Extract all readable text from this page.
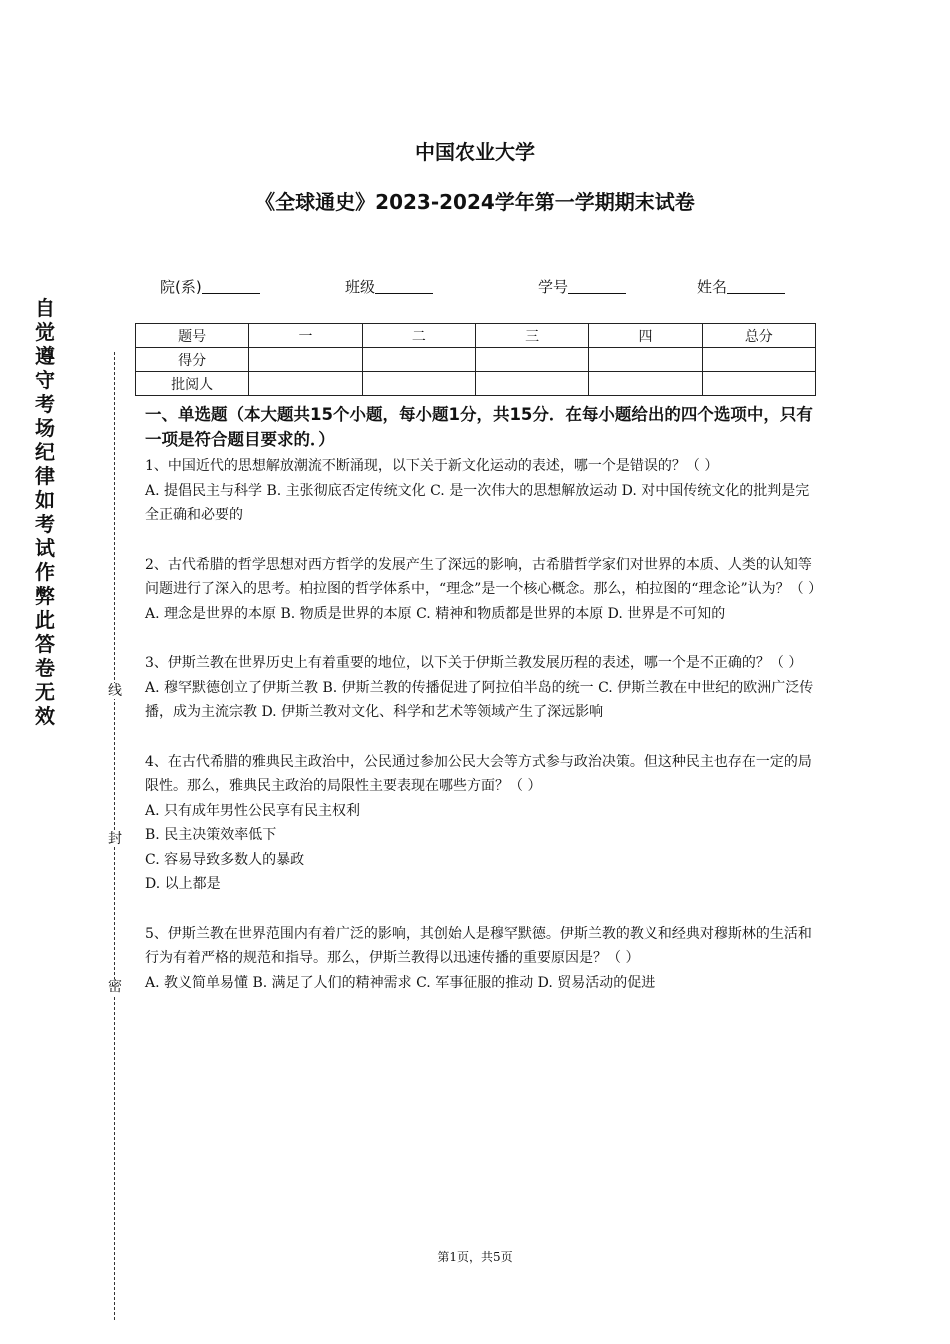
中国农业大学
《全球通史》2023-2024学年第一学期期末试卷
院(系)	班级	学号	姓名
题号	一	二	三	四	总分
得分					
批阅人					
自觉遵守考场纪律如考试作弊此答卷无效
线
封
密
一、单选题（本大题共15个小题，每小题1分，共15分．在每小题给出的四个选项中，只有一项是符合题目要求的．）

1、中国近代的思想解放潮流不断涌现，以下关于新文化运动的表述，哪一个是错误的？（ ）

A. 提倡民主与科学 B. 主张彻底否定传统文化 C. 是一次伟大的思想解放运动 D. 对中国传统文化的批判是完全正确和必要的

2、古代希腊的哲学思想对西方哲学的发展产生了深远的影响，古希腊哲学家们对世界的本质、人类的认知等问题进行了深入的思考。柏拉图的哲学体系中，“理念”是一个核心概念。那么，柏拉图的“理念论”认为？（ ）

A. 理念是世界的本原 B. 物质是世界的本原 C. 精神和物质都是世界的本原 D. 世界是不可知的

3、伊斯兰教在世界历史上有着重要的地位，以下关于伊斯兰教发展历程的表述，哪一个是不正确的？（ ）

A. 穆罕默德创立了伊斯兰教 B. 伊斯兰教的传播促进了阿拉伯半岛的统一 C. 伊斯兰教在中世纪的欧洲广泛传播，成为主流宗教 D. 伊斯兰教对文化、科学和艺术等领域产生了深远影响

4、在古代希腊的雅典民主政治中，公民通过参加公民大会等方式参与政治决策。但这种民主也存在一定的局限性。那么，雅典民主政治的局限性主要表现在哪些方面？（ ）

A. 只有成年男性公民享有民主权利

B. 民主决策效率低下

C. 容易导致多数人的暴政

D. 以上都是

5、伊斯兰教在世界范围内有着广泛的影响，其创始人是穆罕默德。伊斯兰教的教义和经典对穆斯林的生活和行为有着严格的规范和指导。那么，伊斯兰教得以迅速传播的重要原因是？（ ）

A. 教义简单易懂 B. 满足了人们的精神需求 C. 军事征服的推动 D. 贸易活动的促进

第1页，共5页
